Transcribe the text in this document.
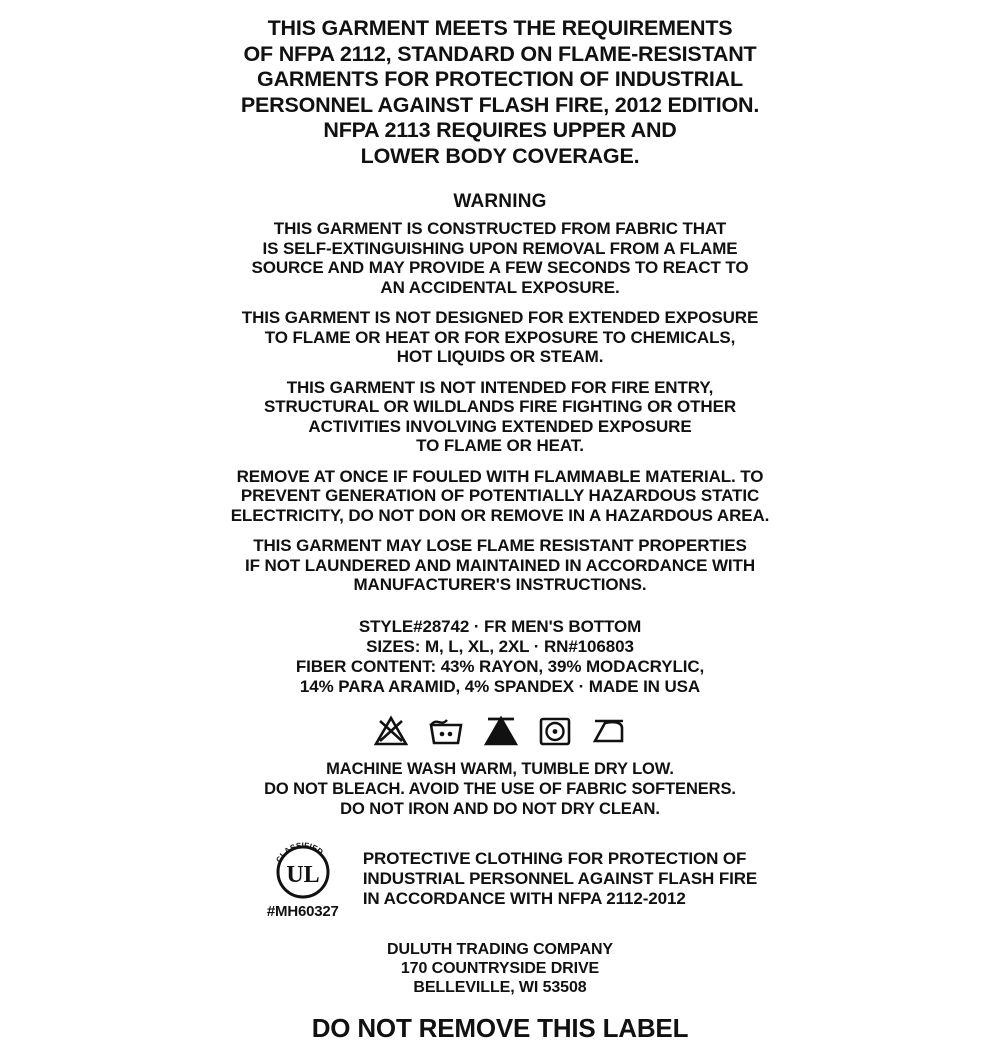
THIS GARMENT MEETS THE REQUIREMENTS
OF NFPA 2112, STANDARD ON FLAME-RESISTANT
GARMENTS FOR PROTECTION OF INDUSTRIAL
PERSONNEL AGAINST FLASH FIRE, 2012 EDITION.
NFPA 2113 REQUIRES UPPER AND
LOWER BODY COVERAGE.
WARNING
THIS GARMENT IS CONSTRUCTED FROM FABRIC THAT
IS SELF-EXTINGUISHING UPON REMOVAL FROM A FLAME
SOURCE AND MAY PROVIDE A FEW SECONDS TO REACT TO
AN ACCIDENTAL EXPOSURE.
THIS GARMENT IS NOT DESIGNED FOR EXTENDED EXPOSURE
TO FLAME OR HEAT OR FOR EXPOSURE TO CHEMICALS,
HOT LIQUIDS OR STEAM.
THIS GARMENT IS NOT INTENDED FOR FIRE ENTRY,
STRUCTURAL OR WILDLANDS FIRE FIGHTING OR OTHER
ACTIVITIES INVOLVING EXTENDED EXPOSURE
TO FLAME OR HEAT.
REMOVE AT ONCE IF FOULED WITH FLAMMABLE MATERIAL. TO
PREVENT GENERATION OF POTENTIALLY HAZARDOUS STATIC
ELECTRICITY, DO NOT DON OR REMOVE IN A HAZARDOUS AREA.
THIS GARMENT MAY LOSE FLAME RESISTANT PROPERTIES
IF NOT LAUNDERED AND MAINTAINED IN ACCORDANCE WITH
MANUFACTURER'S INSTRUCTIONS.
STYLE#28742 · FR MEN'S BOTTOM
SIZES: M, L, XL, 2XL · RN#106803
FIBER CONTENT: 43% RAYON, 39% MODACRYLIC,
14% PARA ARAMID, 4% SPANDEX · MADE IN USA
MACHINE WASH WARM, TUMBLE DRY LOW.
DO NOT BLEACH. AVOID THE USE OF FABRIC SOFTENERS.
DO NOT IRON AND DO NOT DRY CLEAN.
UL
CLASSIFIED
#MH60327
PROTECTIVE CLOTHING FOR PROTECTION OF
INDUSTRIAL PERSONNEL AGAINST FLASH FIRE
IN ACCORDANCE WITH NFPA 2112-2012
DULUTH TRADING COMPANY
170 COUNTRYSIDE DRIVE
BELLEVILLE, WI 53508
DO NOT REMOVE THIS LABEL
